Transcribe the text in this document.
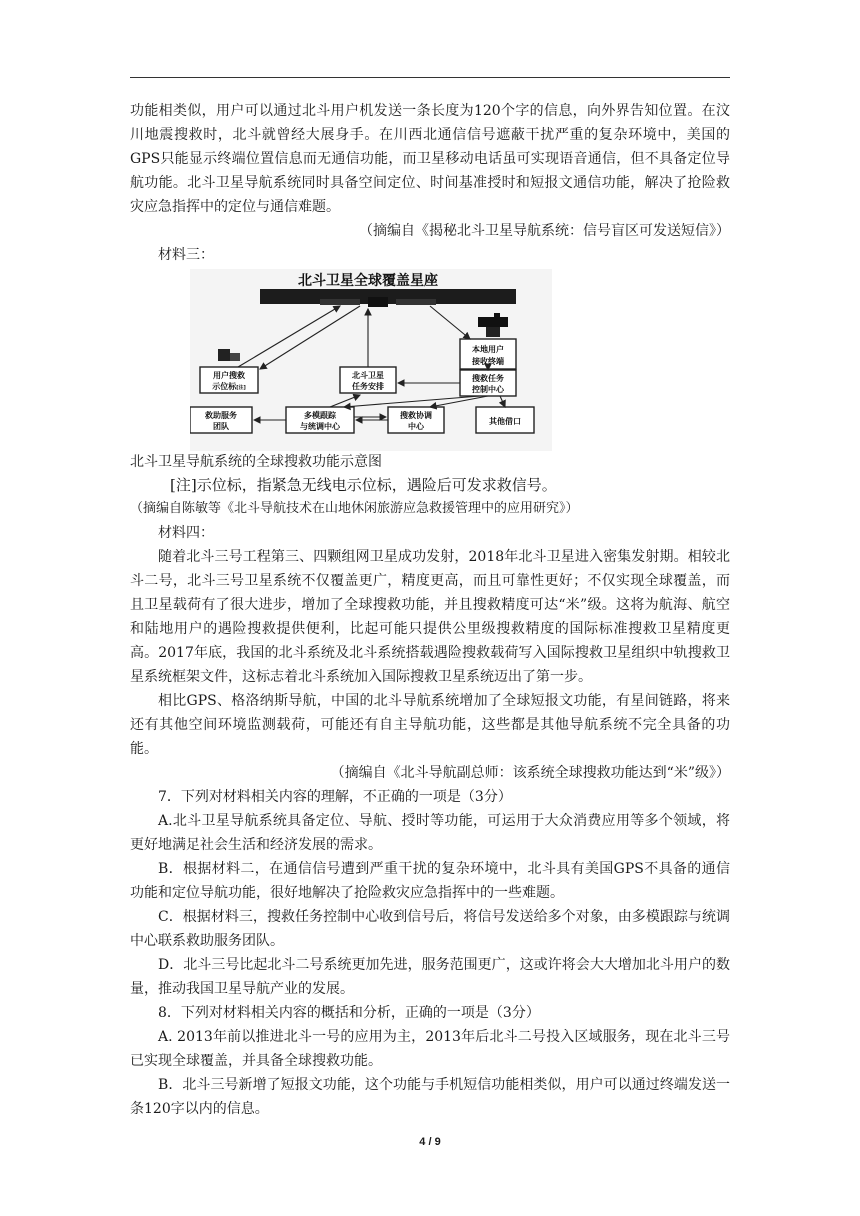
功能相类似，用户可以通过北斗用户机发送一条长度为120个字的信息，向外界告知位置。在汶川地震搜救时，北斗就曾经大展身手。在川西北通信信号遮蔽干扰严重的复杂环境中，美国的GPS只能显示终端位置信息而无通信功能，而卫星移动电话虽可实现语音通信，但不具备定位导航功能。北斗卫星导航系统同时具备空间定位、时间基准授时和短报文通信功能，解决了抢险救灾应急指挥中的定位与通信难题。

（摘编自《揭秘北斗卫星导航系统：信号盲区可发送短信》）

材料三：

北斗卫星全球覆盖星座
本地用户
接收终端
用户搜救
示位标[注]
北斗卫星
任务安排
搜救任务
控制中心
救助服务
团队
多模跟踪
与统调中心
搜救协调
中心
其他借口

北斗卫星导航系统的全球搜救功能示意图

[注]示位标，指紧急无线电示位标，遇险后可发求救信号。

（摘编自陈敏等《北斗导航技术在山地休闲旅游应急救援管理中的应用研究》）

材料四：

随着北斗三号工程第三、四颗组网卫星成功发射，2018年北斗卫星进入密集发射期。相较北斗二号，北斗三号卫星系统不仅覆盖更广，精度更高，而且可靠性更好；不仅实现全球覆盖，而且卫星载荷有了很大进步，增加了全球搜救功能，并且搜救精度可达“米”级。这将为航海、航空和陆地用户的遇险搜救提供便利，比起可能只提供公里级搜救精度的国际标准搜救卫星精度更高。2017年底，我国的北斗系统及北斗系统搭载遇险搜救载荷写入国际搜救卫星组织中轨搜救卫星系统框架文件，这标志着北斗系统加入国际搜救卫星系统迈出了第一步。

相比GPS、格洛纳斯导航，中国的北斗导航系统增加了全球短报文功能，有星间链路，将来还有其他空间环境监测载荷，可能还有自主导航功能，这些都是其他导航系统不完全具备的功能。

（摘编自《北斗导航副总师：该系统全球搜救功能达到“米”级》）

7．下列对材料相关内容的理解，不正确的一项是（3分）

A.北斗卫星导航系统具备定位、导航、授时等功能，可运用于大众消费应用等多个领域，将更好地满足社会生活和经济发展的需求。

B．根据材料二，在通信信号遭到严重干扰的复杂环境中，北斗具有美国GPS不具备的通信功能和定位导航功能，很好地解决了抢险救灾应急指挥中的一些难题。

C．根据材料三，搜救任务控制中心收到信号后，将信号发送给多个对象，由多模跟踪与统调中心联系救助服务团队。

D．北斗三号比起北斗二号系统更加先进，服务范围更广，这或许将会大大增加北斗用户的数量，推动我国卫星导航产业的发展。

8．下列对材料相关内容的概括和分析，正确的一项是（3分）

A. 2013年前以推进北斗一号的应用为主，2013年后北斗二号投入区域服务，现在北斗三号已实现全球覆盖，并具备全球搜救功能。

B．北斗三号新增了短报文功能，这个功能与手机短信功能相类似，用户可以通过终端发送一条120字以内的信息。

4 / 9
